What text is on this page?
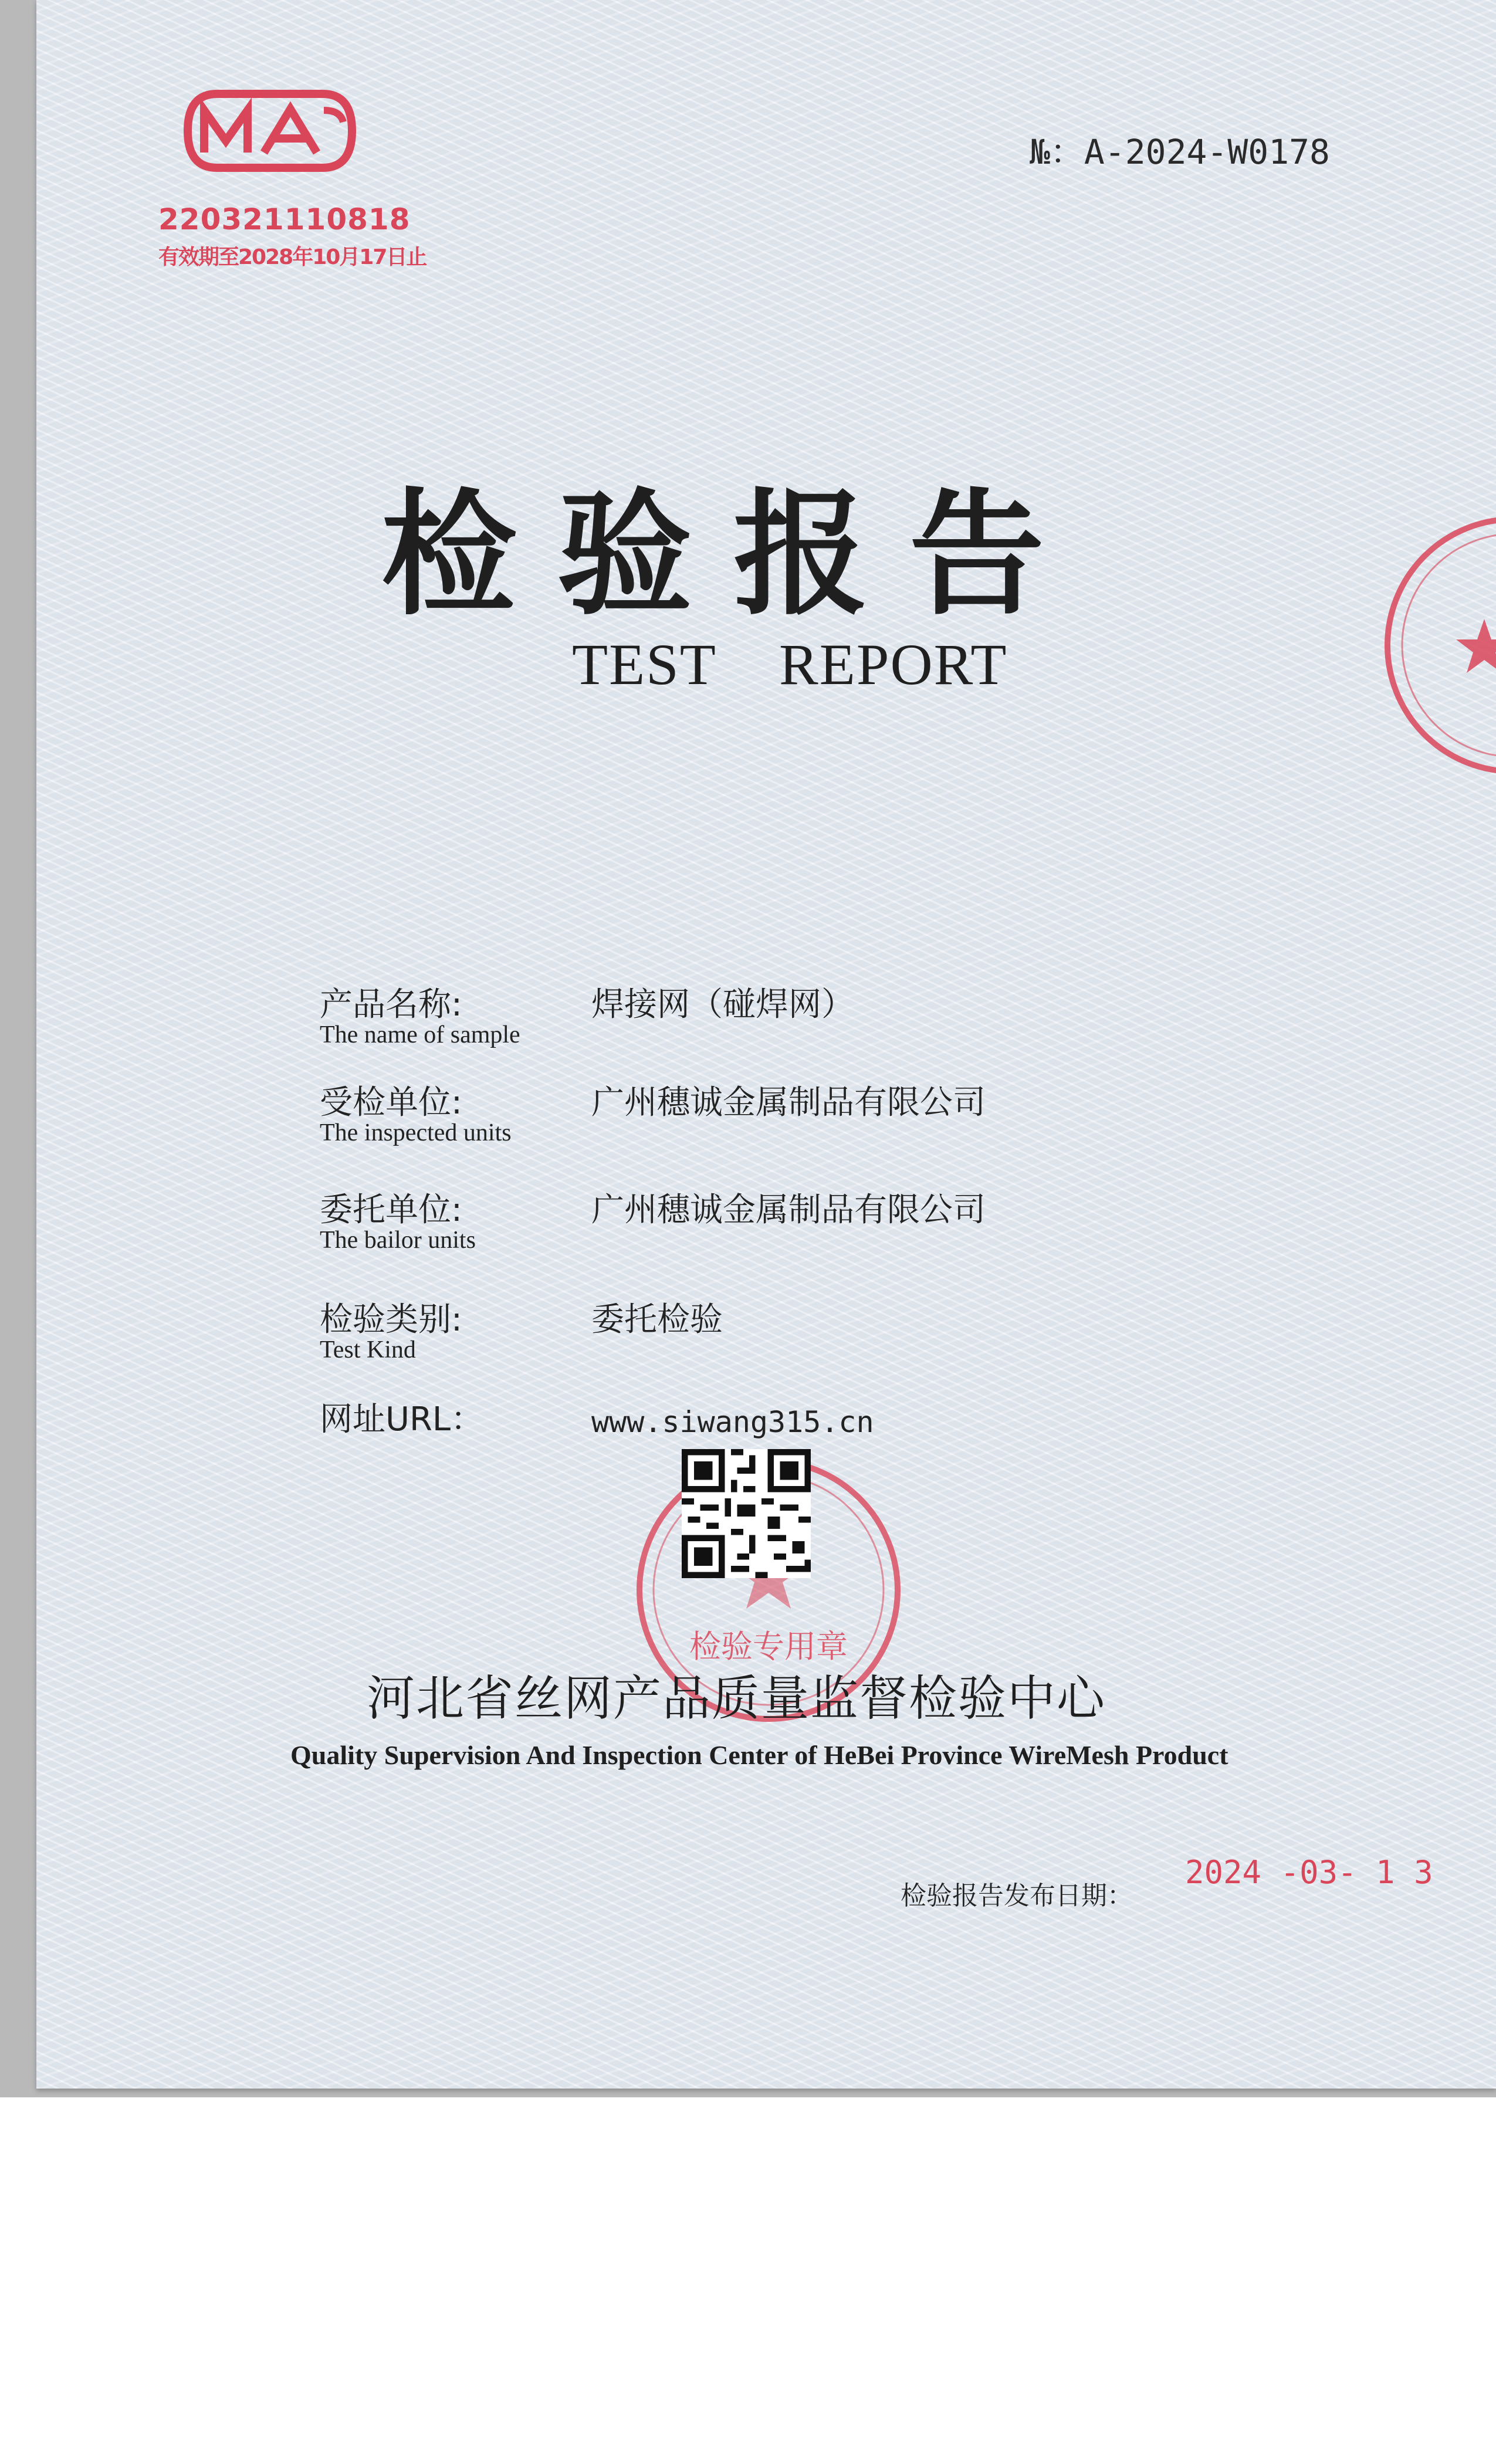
220321110818
有效期至2028年10月17日止
№：A-2024-W0178
检验报告
TEST    REPORT
产品名称:
The name of sample
焊接网（碰焊网）
受检单位:
The inspected units
广州穗诚金属制品有限公司
委托单位:
The bailor units
广州穗诚金属制品有限公司
检验类别:
Test Kind
委托检验
网址URL：	www.siwang315.cn
检验专用章
河北省丝网产品质量监督检验中心
Quality Supervision And Inspection Center of HeBei Province WireMesh Product
检验报告发布日期：
2024 -03- 1 3
